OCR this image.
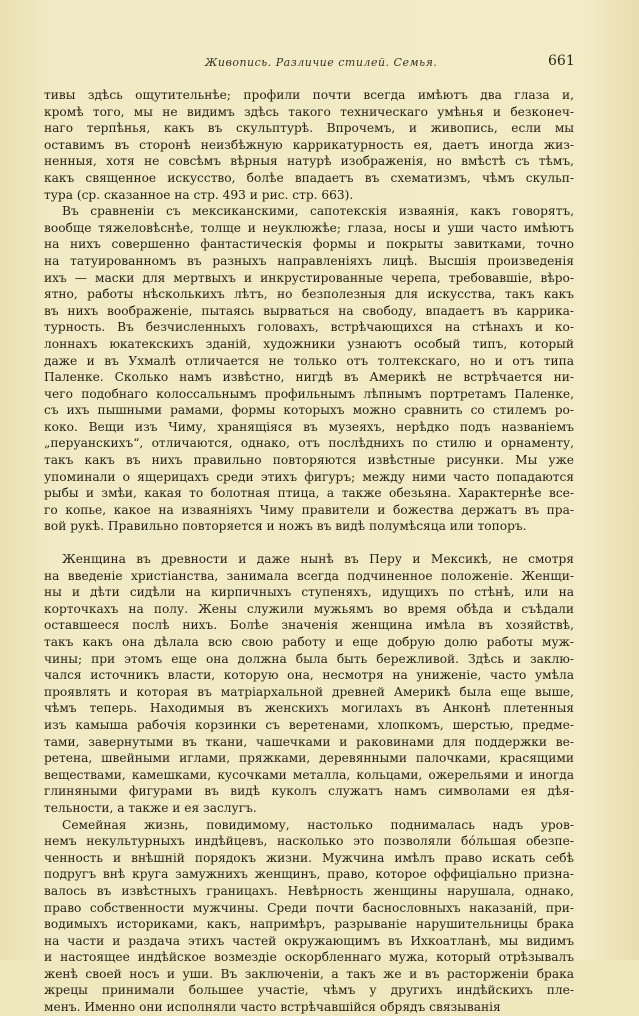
Живопись. Различие стилей. Семья.	661
тивы здѣсь ощутительнѣе; профили почти всегда имѣютъ два глаза и,
кромѣ того, мы не видимъ здѣсь такого техническаго умѣнья и безконеч-
наго терпѣнья, какъ въ скульптурѣ. Впрочемъ, и живопись, если мы
оставимъ въ сторонѣ неизбѣжную каррикатурность ея, даетъ иногда жиз-
ненныя, хотя не совсѣмъ вѣрныя натурѣ изображенія, но вмѣстѣ съ тѣмъ,
какъ священное искусство, болѣе впадаетъ въ схематизмъ, чѣмъ скульп-
тура (ср. сказанное на стр. 493 и рис. стр. 663).
Въ сравненіи съ мексиканскими, сапотекскія изваянія, какъ говорятъ,
вообще тяжеловѣснѣе, толще и неуклюжѣе; глаза, носы и уши часто имѣютъ
на нихъ совершенно фантастическія формы и покрыты завитками, точно
на татуированномъ въ разныхъ направленіяхъ лицѣ. Высшія произведенія
ихъ — маски для мертвыхъ и инкрустированные черепа, требовавшіе, вѣро-
ятно, работы нѣсколькихъ лѣтъ, но безполезныя для искусства, такъ какъ
въ нихъ воображеніе, пытаясь вырваться на свободу, впадаетъ въ каррика-
турность. Въ безчисленныхъ головахъ, встрѣчающихся на стѣнахъ и ко-
лоннахъ юкатекскихъ зданій, художники узнаютъ особый типъ, который
даже и въ Ухмалѣ отличается не только отъ толтекскаго, но и отъ типа
Паленке. Сколько намъ извѣстно, нигдѣ въ Америкѣ не встрѣчается ни-
чего подобнаго колоссальнымъ профильнымъ лѣпнымъ портретамъ Паленке,
съ ихъ пышными рамами, формы которыхъ можно сравнить со стилемъ ро-
коко. Вещи изъ Чиму, хранящіяся въ музеяхъ, нерѣдко подъ названіемъ
„перуанскихъ“, отличаются, однако, отъ послѣднихъ по стилю и орнаменту,
такъ какъ въ нихъ правильно повторяются извѣстные рисунки. Мы уже
упоминали о ящерицахъ среди этихъ фигуръ; между ними часто попадаются
рыбы и змѣи, какая то болотная птица, а также обезьяна. Характернѣе все-
го копье, какое на изваяніяхъ Чиму правители и божества держатъ въ пра-
вой рукѣ. Правильно повторяется и ножъ въ видѣ полумѣсяца или топоръ.
Женщина въ древности и даже нынѣ въ Перу и Мексикѣ, не смотря
на введеніе христіанства, занимала всегда подчиненное положеніе. Женщи-
ны и дѣти сидѣли на кирпичныхъ ступеняхъ, идущихъ по стѣнѣ, или на
корточкахъ на полу. Жены служили мужьямъ во время обѣда и съѣдали
оставшееся послѣ нихъ. Болѣе значенія женщина имѣла въ хозяйствѣ,
такъ какъ она дѣлала всю свою работу и еще добрую долю работы муж-
чины; при этомъ еще она должна была быть бережливой. Здѣсь и заклю-
чался источникъ власти, которую она, несмотря на униженіе, часто умѣла
проявлять и которая въ матріархальной древней Америкѣ была еще выше,
чѣмъ теперь. Находимыя въ женскихъ могилахъ въ Анконѣ плетенныя
изъ камыша рабочія корзинки съ веретенами, хлопкомъ, шерстью, предме-
тами, завернутыми въ ткани, чашечками и раковинами для поддержки ве-
ретена, швейными иглами, пряжками, деревянными палочками, красящими
веществами, камешками, кусочками металла, кольцами, ожерельями и иногда
глиняными фигурами въ видѣ куколъ служатъ намъ символами ея дѣя-
тельности, а также и ея заслугъ.
Семейная жизнь, повидимому, настолько поднималась надъ уров-
немъ некультурныхъ индѣйцевъ, насколько это позволяли бо́льшая обезпе-
ченность и внѣшній порядокъ жизни. Мужчина имѣлъ право искать себѣ
подругъ внѣ круга замужнихъ женщинъ, право, которое оффиціально призна-
валось въ извѣстныхъ границахъ. Невѣрность женщины нарушала, однако,
право собственности мужчины. Среди почти баснословныхъ наказаній, при-
водимыхъ историками, какъ, напримѣръ, разрываніе нарушительницы брака
на части и раздача этихъ частей окружающимъ въ Ихкоатланѣ, мы видимъ
и настоящее индѣйское возмездіе оскорбленнаго мужа, который отрѣзывалъ
женѣ своей носъ и уши. Въ заключеніи, а такъ же и въ расторженіи брака
жрецы принимали большее участіе, чѣмъ у другихъ индѣйскихъ пле-
менъ. Именно они исполняли часто встрѣчавшійся обрядъ связыванія
